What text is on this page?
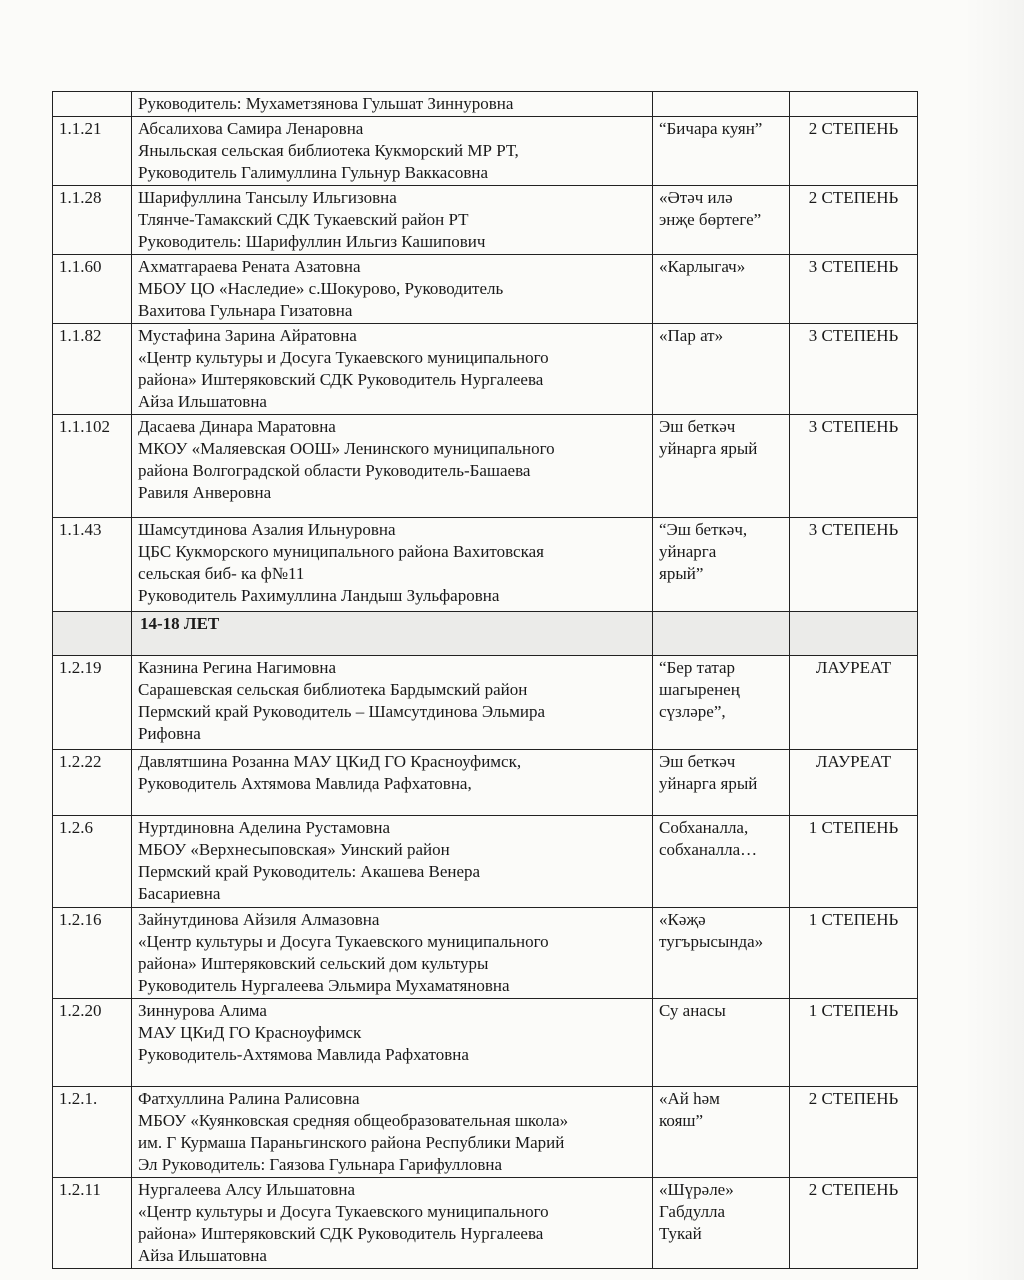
	Руководитель: Мухаметзянова Гульшат Зиннуровна		

1.1.21	Абсалихова Самира Ленаровна
Яныльская сельская библиотека Кукморский МР РТ,
Руководитель Галимуллина Гульнур Ваккасовна	“Бичара куян”	2 СТЕПЕНЬ
1.1.28	Шарифуллина Тансылу Ильгизовна
Тлянче-Тамакский СДК Тукаевский район РТ
Руководитель: Шарифуллин Ильгиз Кашипович	«Әтәч илә
энҗе бөртеге”	2 СТЕПЕНЬ
1.1.60	Ахматгараева Рената Азатовна
МБОУ ЦО «Наследие» с.Шокурово, Руководитель
Вахитова Гульнара Гизатовна	«Карлыгач»	3 СТЕПЕНЬ
1.1.82	Мустафина Зарина Айратовна
«Центр культуры и Досуга Тукаевского муниципального
района» Иштеряковский СДК Руководитель Нургалеева
Айза Ильшатовна	«Пар ат»	3 СТЕПЕНЬ
1.1.102	Дасаева Динара Маратовна
МКОУ «Маляевская ООШ» Ленинского муниципального
района Волгоградской области Руководитель-Башаева
Равиля Анверовна	Эш беткәч
уйнарга ярый	3 СТЕПЕНЬ
1.1.43	Шамсутдинова Азалия Ильнуровна
ЦБС Кукморского муниципального района Вахитовская
сельская биб- ка ф№11
Руководитель Рахимуллина Ландыш Зульфаровна	“Эш беткәч,
уйнарга
ярый”	3 СТЕПЕНЬ

	14-18 ЛЕТ		

1.2.19	Казнина Регина Нагимовна
Сарашевская сельская библиотека Бардымский район
Пермский край Руководитель – Шамсутдинова Эльмира
Рифовна	“Бер татар
шагыренең
сүзләре”,	ЛАУРЕАТ
1.2.22	Давлятшина Розанна МАУ ЦКиД ГО Красноуфимск,
Руководитель Ахтямова Мавлида Рафхатовна,	Эш беткәч
уйнарга ярый	ЛАУРЕАТ
1.2.6	Нуртдиновна Аделина Рустамовна
МБОУ «Верхнесыповская» Уинский район
Пермский край Руководитель: Акашева Венера
Басариевна	Собханалла,
собханалла…	1 СТЕПЕНЬ
1.2.16	Зайнутдинова Айзиля Алмазовна
«Центр культуры и Досуга Тукаевского муниципального
района» Иштеряковский сельский дом культуры
Руководитель Нургалеева Эльмира Мухаматяновна	«Кәҗә
тугърысында»	1 СТЕПЕНЬ
1.2.20	Зиннурова Алима
МАУ ЦКиД ГО Красноуфимск
Руководитель-Ахтямова Мавлида Рафхатовна	Су анасы	1 СТЕПЕНЬ
1.2.1.	Фатхуллина Ралина Ралисовна
МБОУ «Куянковская средняя общеобразовательная школа»
им. Г Курмаша Параньгинского района Республики Марий
Эл Руководитель: Гаязова Гульнара Гарифулловна	«Ай һәм
кояш”	2 СТЕПЕНЬ
1.2.11	Нургалеева Алсу Ильшатовна
«Центр культуры и Досуга Тукаевского муниципального
района» Иштеряковский СДК Руководитель Нургалеева
Айза Ильшатовна	«Шүрәле»
Габдулла
Тукай	2 СТЕПЕНЬ
